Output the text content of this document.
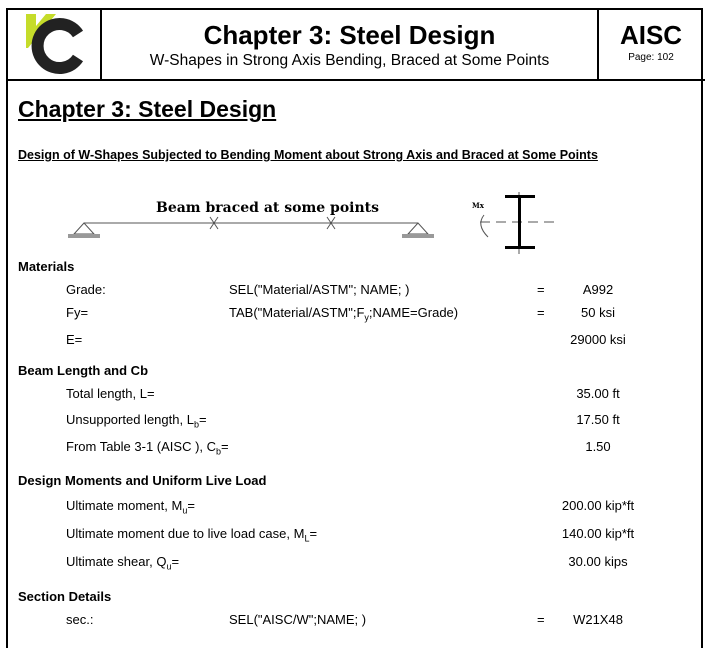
Chapter 3: Steel Design
W-Shapes in Strong Axis Bending, Braced at Some Points
AISC
Page: 102
Chapter 3: Steel Design
Design of W-Shapes Subjected to Bending Moment about Strong Axis and Braced at Some Points
Beam braced at some points	Mx
Materials
Grade:	SEL("Material/ASTM"; NAME; )	=	A992
Fy=	$TAB("Material/ASTM";F_y;NAME=Grade)$	=	50 ksi
E=	29000 ksi
Beam Length and Cb
Total length, L=	35.00 ft
Unsupported length, $L_b=$	17.50 ft
From Table 3-1 (AISC ), $C_b=$	1.50
Design Moments and Uniform Live Load
Ultimate moment, $M_u=$	200.00 kip*ft
Ultimate moment due to live load case, $M_L=$	140.00 kip*ft
Ultimate shear, $Q_u=$	30.00 kips
Section Details
sec.:	SEL("AISC/W";NAME; )	=	W21X48
